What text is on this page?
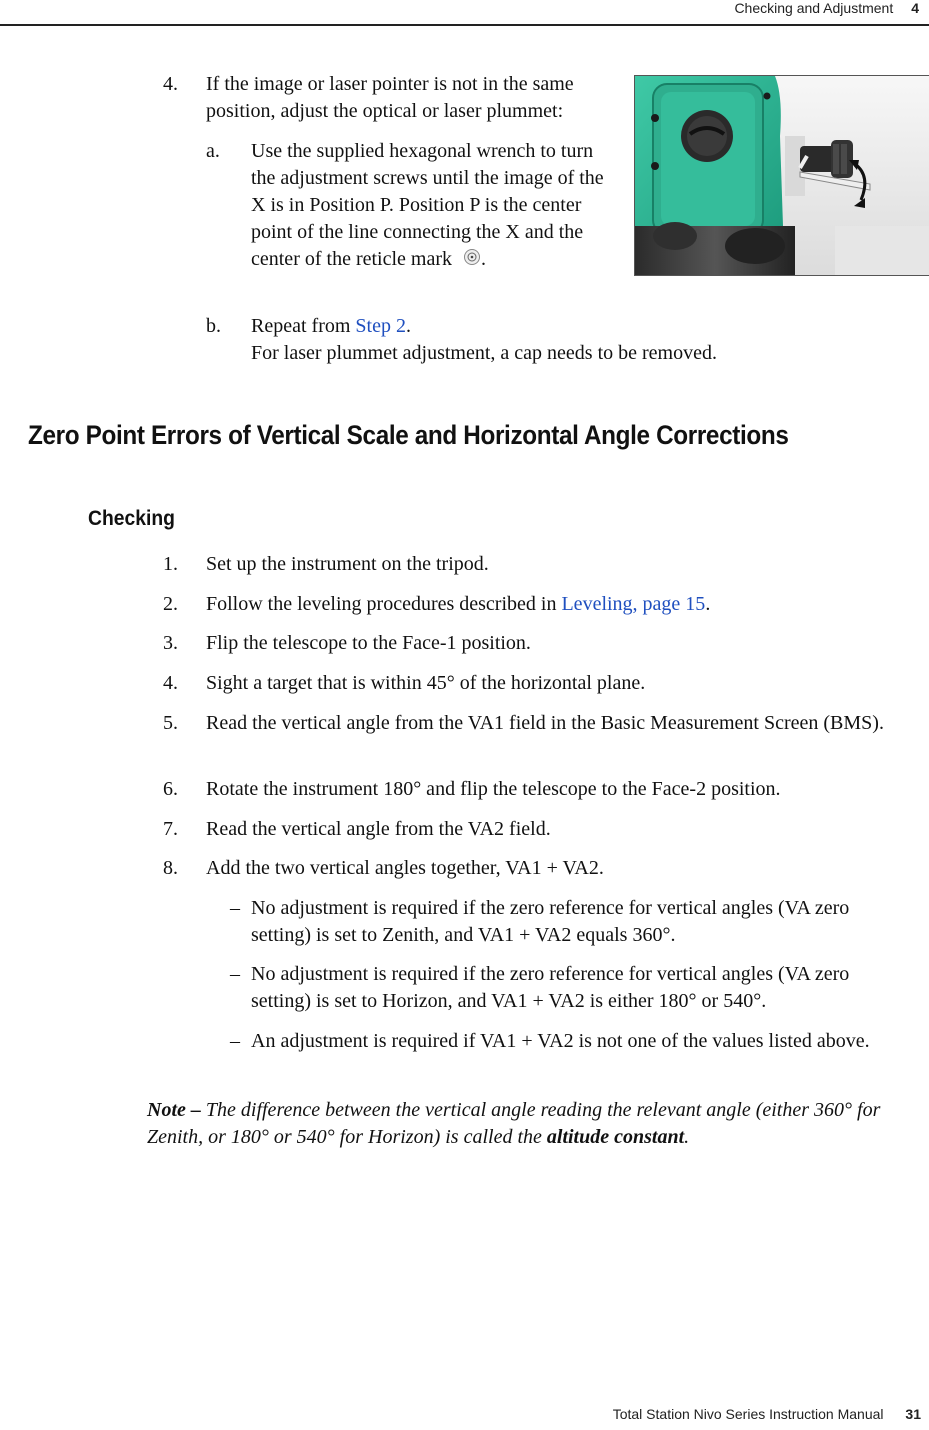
Checking and Adjustment 4
4.	If the image or laser pointer is not in the same position, adjust the optical or laser plummet:
a.	Use the supplied hexagonal wrench to turn the adjustment screws until the image of the X is in Position P. Position P is the center point of the line connecting the X and the center of the reticle mark .
b.	Repeat from Step 2.
For laser plummet adjustment, a cap needs to be removed.
Zero Point Errors of Vertical Scale and Horizontal Angle Corrections
Checking
1.	Set up the instrument on the tripod.
2.	Follow the leveling procedures described in Leveling, page 15.
3.	Flip the telescope to the Face-1 position.
4.	Sight a target that is within 45° of the horizontal plane.
5.	Read the vertical angle from the VA1 field in the Basic Measurement Screen (BMS).
6.	Rotate the instrument 180° and flip the telescope to the Face-2 position.
7.	Read the vertical angle from the VA2 field.
8.	Add the two vertical angles together, VA1 + VA2.
– No adjustment is required if the zero reference for vertical angles (VA zero setting) is set to Zenith, and VA1 + VA2 equals 360°.
– No adjustment is required if the zero reference for vertical angles (VA zero setting) is set to Horizon, and VA1 + VA2 is either 180° or 540°.
– An adjustment is required if VA1 + VA2 is not one of the values listed above.
Note – The difference between the vertical angle reading the relevant angle (either 360° for Zenith, or 180° or 540° for Horizon) is called the altitude constant.
Total Station Nivo Series Instruction Manual 31
